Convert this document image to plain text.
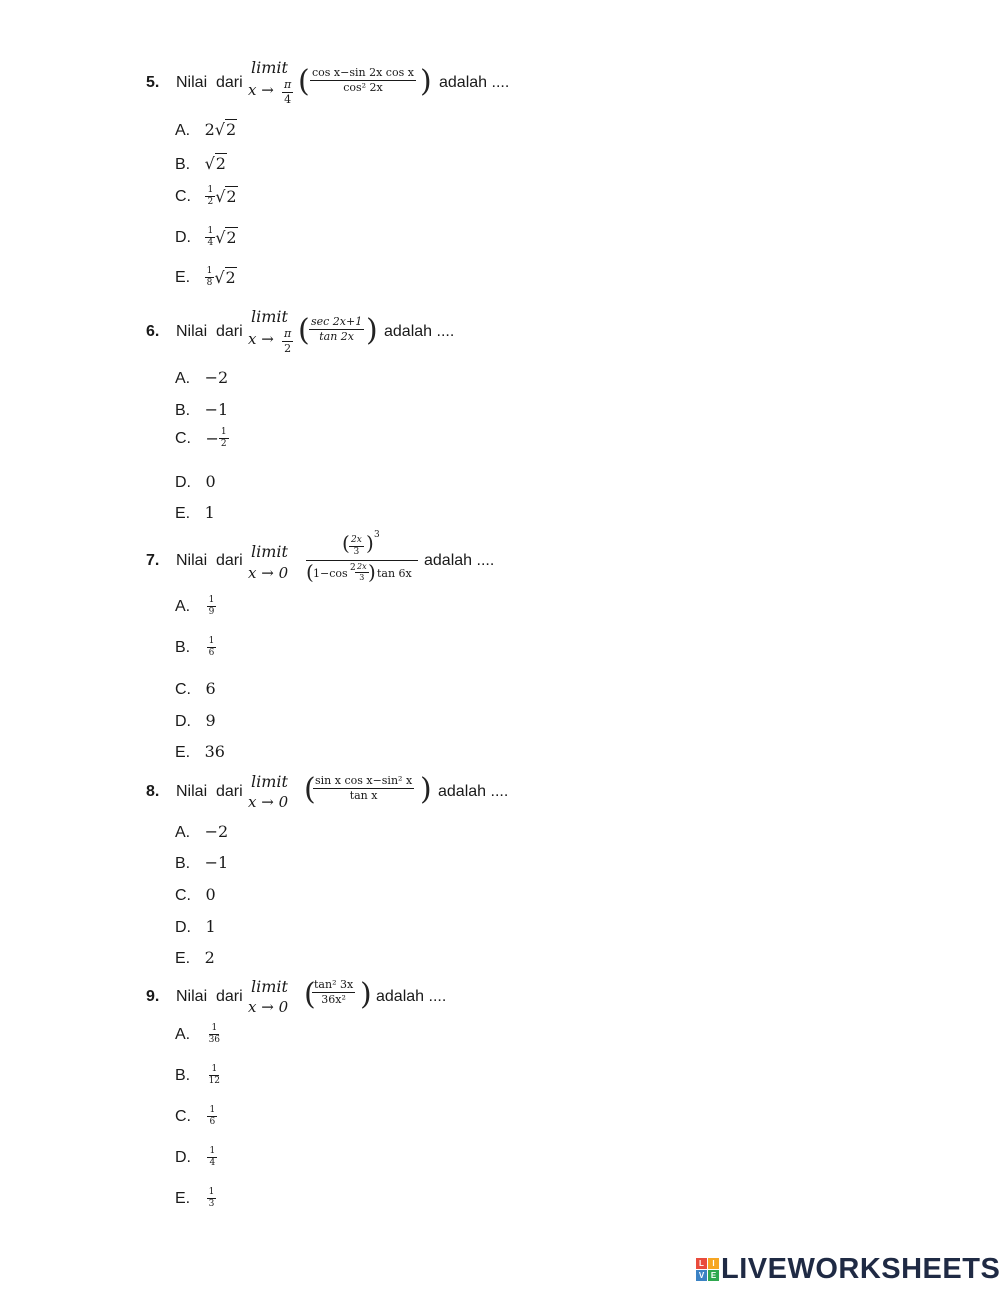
5. Nilai dari
limit
$x \to \frac{\pi}{4}$ ( $\frac{\text{cos x−sin 2x cos x}}{\text{cos² 2x}}$ ) adalah ....
A. 2√2
B. √2
C. $\frac{1}{2} √2$
D. $\frac{1}{4} √2$
E. $\frac{1}{8} √2$
6. Nilai dari
limit
$x \to \frac{\pi}{2}$ ( sec 2x+1
tan 2x ) adalah ....
A. −2
B. −1
C. − $\frac{1}{2}$
D. 0
E. 1
7. Nilai dari limit
x → 0
( $\frac{2x}{3}$ ) 3
( 1−cos $2 \frac{2x}{3}$ ) tan 6x
adalah ....
A. $\frac{1}{9}$
B. $\frac{1}{6}$
C. 6
D. 9
E. 36
8. Nilai dari
limit
x → 0 (
$\frac{\text{sin x cos x−sin² x}}{\text{tan x}}$ ) adalah ....
A. −2
B. −1
C. 0
D. 1
E. 2
9. Nilai dari
limit
x → 0 (
$\frac{\text{tan² 3x}}{\text{36x²}}$ ) adalah ....
A. $\frac{1}{36}$
B. $\frac{1}{12}$
C. $\frac{1}{6}$
D. $\frac{1}{4}$
E. $\frac{1}{3}$
L	I
V E LIVEWORKSHEETS
